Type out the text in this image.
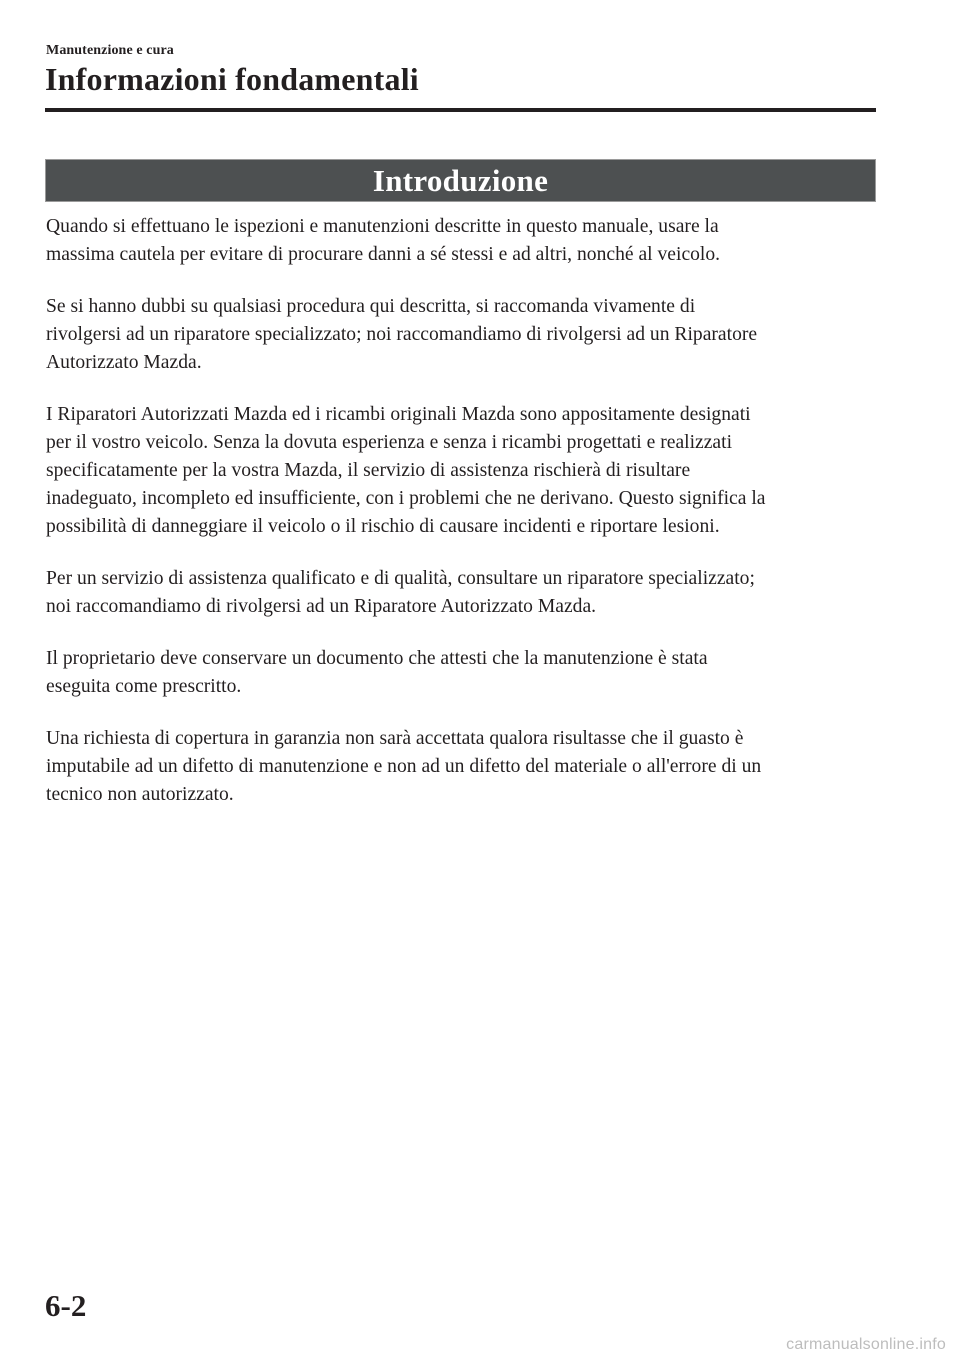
Manutenzione e cura
Informazioni fondamentali
Introduzione

Quando si effettuano le ispezioni e manutenzioni descritte in questo manuale, usare la
massima cautela per evitare di procurare danni a sé stessi e ad altri, nonché al veicolo.

Se si hanno dubbi su qualsiasi procedura qui descritta, si raccomanda vivamente di
rivolgersi ad un riparatore specializzato; noi raccomandiamo di rivolgersi ad un Riparatore
Autorizzato Mazda.

I Riparatori Autorizzati Mazda ed i ricambi originali Mazda sono appositamente designati
per il vostro veicolo. Senza la dovuta esperienza e senza i ricambi progettati e realizzati
specificatamente per la vostra Mazda, il servizio di assistenza rischierà di risultare
inadeguato, incompleto ed insufficiente, con i problemi che ne derivano. Questo significa la
possibilità di danneggiare il veicolo o il rischio di causare incidenti e riportare lesioni.

Per un servizio di assistenza qualificato e di qualità, consultare un riparatore specializzato;
noi raccomandiamo di rivolgersi ad un Riparatore Autorizzato Mazda.

Il proprietario deve conservare un documento che attesti che la manutenzione è stata
eseguita come prescritto.

Una richiesta di copertura in garanzia non sarà accettata qualora risultasse che il guasto è
imputabile ad un difetto di manutenzione e non ad un difetto del materiale o all'errore di un
tecnico non autorizzato.

6-2
carmanualsonline.info
